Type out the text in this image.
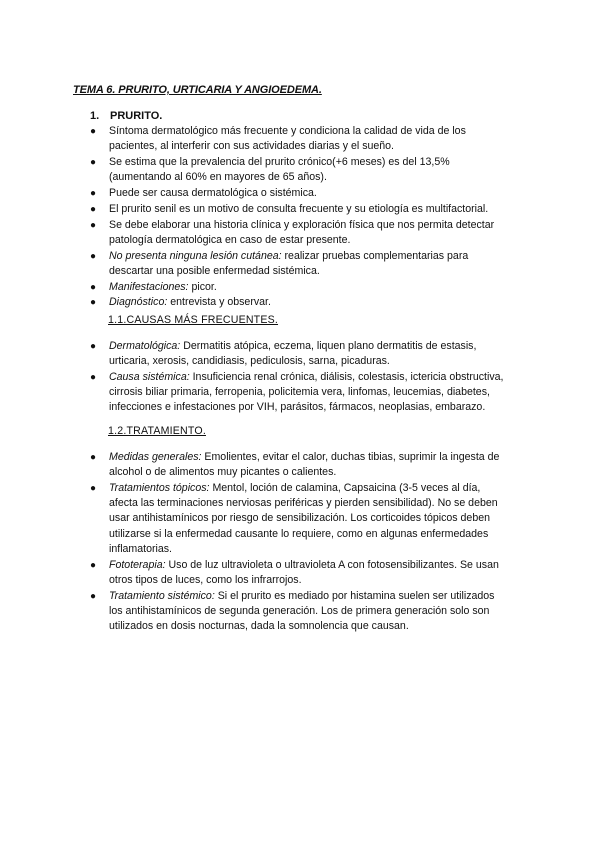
TEMA 6. PRURITO, URTICARIA Y ANGIOEDEMA.
1. PRURITO.
●	Síntoma dermatológico más frecuente y condiciona la calidad de vida de los pacientes, al interferir con sus actividades diarias y el sueño.
●	Se estima que la prevalencia del prurito crónico(+6 meses) es del 13,5% (aumentando al 60% en mayores de 65 años).
●	Puede ser causa dermatológica o sistémica.
●	El prurito senil es un motivo de consulta frecuente y su etiología es multifactorial.
●	Se debe elaborar una historia clínica y exploración física que nos permita detectar patología dermatológica en caso de estar presente.
●	No presenta ninguna lesión cutánea: realizar pruebas complementarias para descartar una posible enfermedad sistémica.
●	Manifestaciones: picor.
●	Diagnóstico: entrevista y observar.
1.1.CAUSAS MÁS FRECUENTES.
●	Dermatológica: Dermatitis atópica, eczema, liquen plano dermatitis de estasis, urticaria, xerosis, candidiasis, pediculosis, sarna, picaduras.
●	Causa sistémica: Insuficiencia renal crónica, diálisis, colestasis, ictericia obstructiva, cirrosis biliar primaria, ferropenia, policitemia vera, linfomas, leucemias, diabetes, infecciones e infestaciones por VIH, parásitos, fármacos, neoplasias, embarazo.
1.2.TRATAMIENTO.
●	Medidas generales: Emolientes, evitar el calor, duchas tibias, suprimir la ingesta de alcohol o de alimentos muy picantes o calientes.
●	Tratamientos tópicos: Mentol, loción de calamina, Capsaicina (3-5 veces al día, afecta las terminaciones nerviosas periféricas y pierden sensibilidad). No se deben usar antihistamínicos por riesgo de sensibilización. Los corticoides tópicos deben utilizarse si la enfermedad causante lo requiere, como en algunas enfermedades inflamatorias.
●	Fototerapia: Uso de luz ultravioleta o ultravioleta A con fotosensibilizantes. Se usan otros tipos de luces, como los infrarrojos.
●	Tratamiento sistémico: Si el prurito es mediado por histamina suelen ser utilizados los antihistamínicos de segunda generación. Los de primera generación solo son utilizados en dosis nocturnas, dada la somnolencia que causan.
